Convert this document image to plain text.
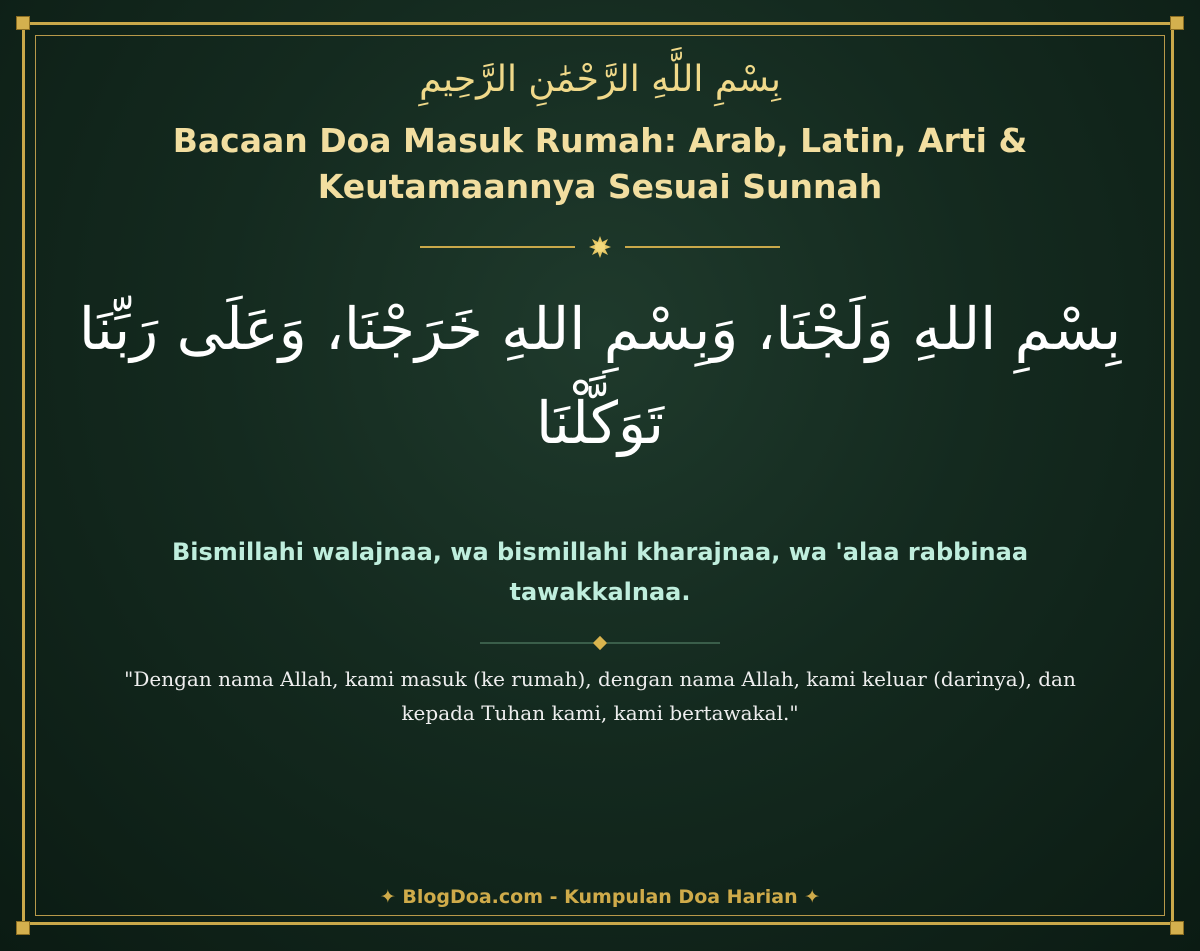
بِسْمِ اللَّهِ الرَّحْمَٰنِ الرَّحِيمِ
Bacaan Doa Masuk Rumah: Arab, Latin, Arti & Keutamaannya Sesuai Sunnah
بِسْمِ اللهِ وَلَجْنَا، وَبِسْمِ اللهِ خَرَجْنَا، وَعَلَى رَبِّنَا تَوَكَّلْنَا
Bismillahi walajnaa, wa bismillahi kharajnaa, wa 'alaa rabbinaa tawakkalnaa.
"Dengan nama Allah, kami masuk (ke rumah), dengan nama Allah, kami keluar (darinya), dan kepada Tuhan kami, kami bertawakal."
✦ BlogDoa.com - Kumpulan Doa Harian ✦
